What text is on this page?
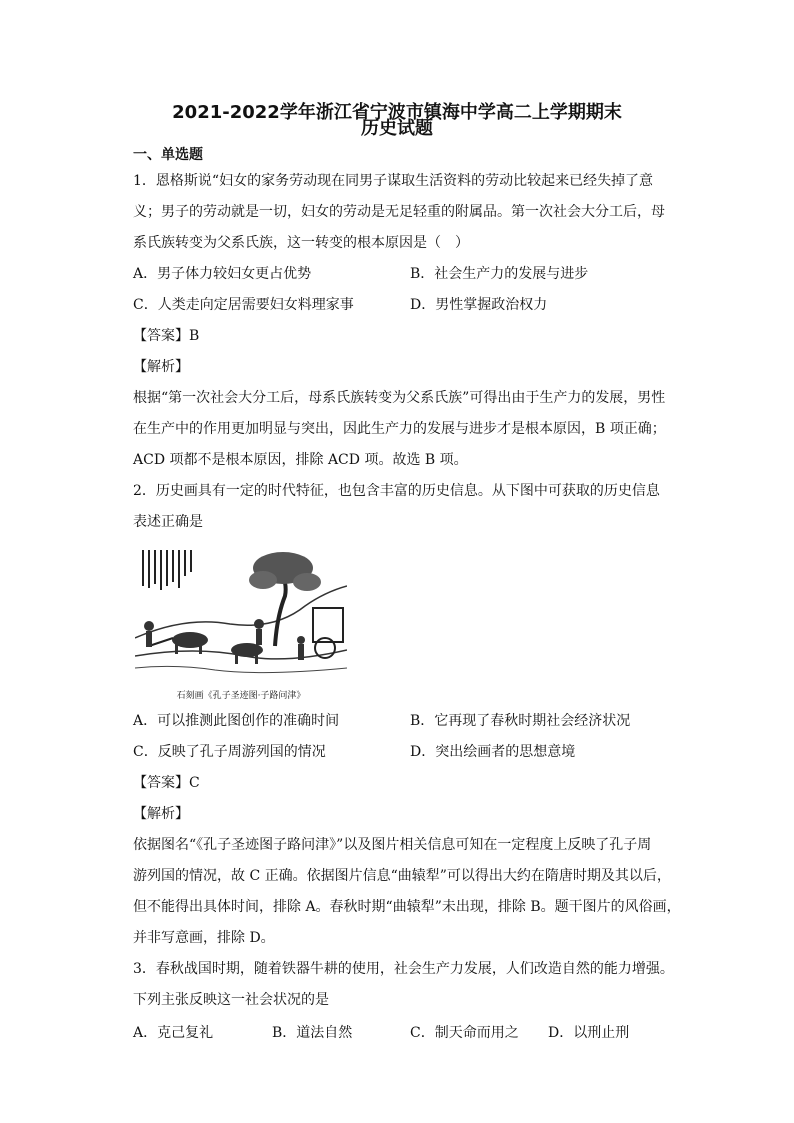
2021-2022学年浙江省宁波市镇海中学高二上学期期末
历史试题
一、单选题
1．恩格斯说“妇女的家务劳动现在同男子谋取生活资料的劳动比较起来已经失掉了意
义；男子的劳动就是一切，妇女的劳动是无足轻重的附属品。第一次社会大分工后，母
系氏族转变为父系氏族，这一转变的根本原因是（　）
A．男子体力较妇女更占优势	B．社会生产力的发展与进步
C．人类走向定居需要妇女料理家事	D．男性掌握政治权力
【答案】B
【解析】
根据“第一次社会大分工后，母系氏族转变为父系氏族”可得出由于生产力的发展，男性
在生产中的作用更加明显与突出，因此生产力的发展与进步才是根本原因，B 项正确；
ACD 项都不是根本原因，排除 ACD 项。故选 B 项。
2．历史画具有一定的时代特征，也包含丰富的历史信息。从下图中可获取的历史信息
表述正确是
石刻画《孔子圣迹图·子路问津》
A．可以推测此图创作的准确时间	B．它再现了春秋时期社会经济状况
C．反映了孔子周游列国的情况	D．突出绘画者的思想意境
【答案】C
【解析】
依据图名“《孔子圣迹图子路问津》”以及图片相关信息可知在一定程度上反映了孔子周
游列国的情况，故 C 正确。依据图片信息“曲辕犁”可以得出大约在隋唐时期及其以后，
但不能得出具体时间，排除 A。春秋时期“曲辕犁”未出现，排除 B。题干图片的风俗画，
并非写意画，排除 D。
3．春秋战国时期，随着铁器牛耕的使用，社会生产力发展，人们改造自然的能力增强。
下列主张反映这一社会状况的是
A．克己复礼	B．道法自然	C．制天命而用之 D．以刑止刑
